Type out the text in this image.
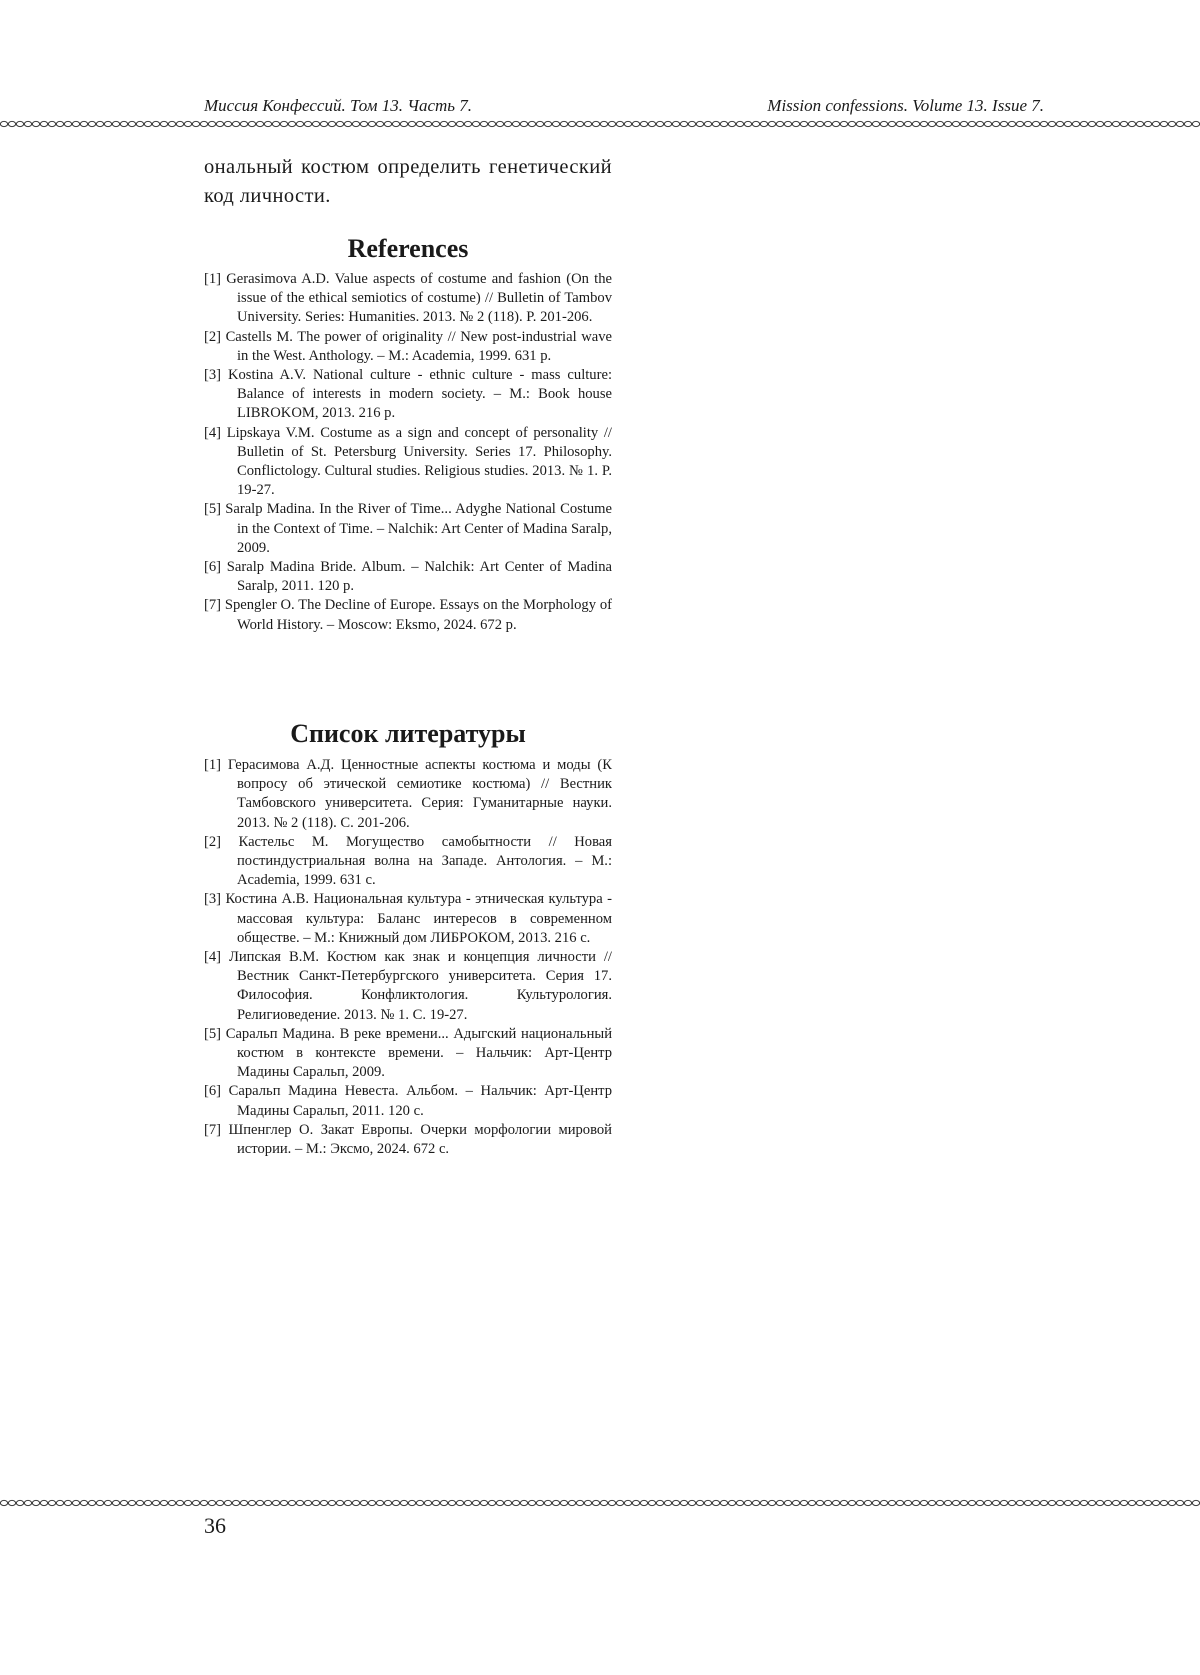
Миссия Конфессий. Том 13. Часть 7.	Mission confessions. Volume 13. Issue 7.
ональный костюм определить генетический код личности.
References
[1] Gerasimova A.D. Value aspects of costume and fashion (On the issue of the ethical semiotics of costume) // Bulletin of Tambov University. Series: Humanities. 2013. № 2 (118). P. 201-206.
[2] Castells M. The power of originality // New post-industrial wave in the West. Anthology. – M.: Academia, 1999. 631 p.
[3] Kostina A.V. National culture - ethnic culture - mass culture: Balance of interests in modern society. – M.: Book house LIBROKOM, 2013. 216 p.
[4] Lipskaya V.M. Costume as a sign and concept of personality // Bulletin of St. Petersburg University. Series 17. Philosophy. Conflictology. Cultural studies. Religious studies. 2013. № 1. P. 19-27.
[5] Saralp Madina. In the River of Time... Adyghe National Costume in the Context of Time. – Nalchik: Art Center of Madina Saralp, 2009.
[6] Saralp Madina Bride. Album. – Nalchik: Art Center of Madina Saralp, 2011. 120 p.
[7] Spengler O. The Decline of Europe. Essays on the Morphology of World History. – Moscow: Eksmo, 2024. 672 p.
Список литературы
[1] Герасимова А.Д. Ценностные аспекты костюма и моды (К вопросу об этической семиотике костюма) // Вестник Тамбовского университета. Серия: Гуманитарные науки. 2013. № 2 (118). С. 201-206.
[2] Кастельс М. Могущество самобытности // Новая постиндустриальная волна на Западе. Антология. – М.: Academia, 1999. 631 с.
[3] Костина А.В. Национальная культура - этническая культура - массовая культура: Баланс интересов в современном обществе. – М.: Книжный дом ЛИБРОКОМ, 2013. 216 с.
[4] Липская В.М. Костюм как знак и концепция личности // Вестник Санкт-Петербургского университета. Серия 17. Философия. Конфликтология. Культурология. Религиоведение. 2013. № 1. С. 19-27.
[5] Саральп Мадина. В реке времени... Адыгский национальный костюм в контексте времени. – Нальчик: Арт-Центр Мадины Саральп, 2009.
[6] Саральп Мадина Невеста. Альбом. – Нальчик: Арт-Центр Мадины Саральп, 2011. 120 с.
[7] Шпенглер О. Закат Европы. Очерки морфологии мировой истории. – М.: Эксмо, 2024. 672 с.
36
